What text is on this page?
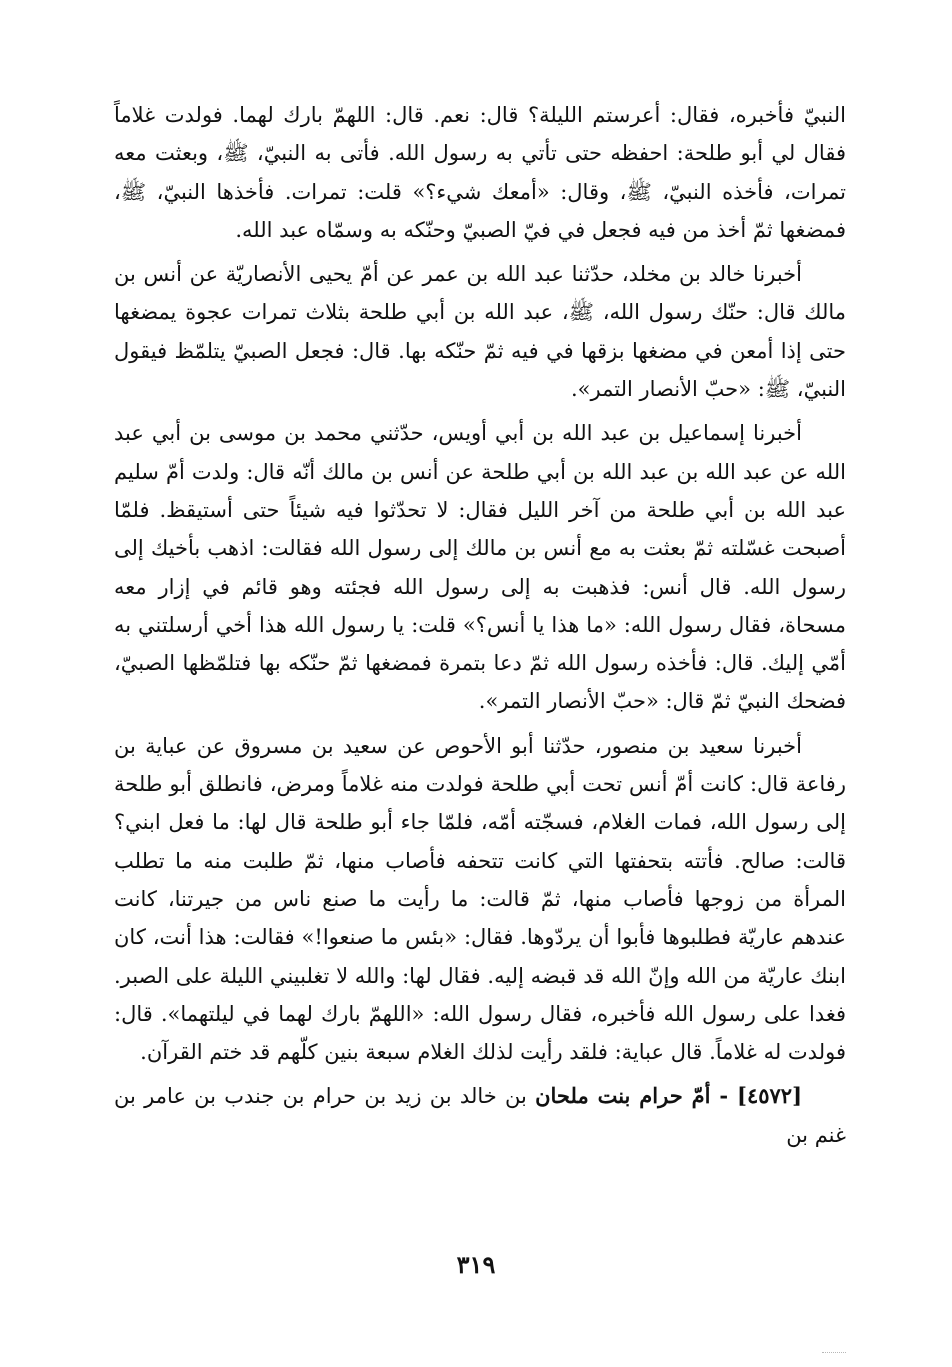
النبيّ فأخبره، فقال: أعرستم الليلة؟ قال: نعم. قال: اللهمّ بارك لهما. فولدت غلاماً فقال لي أبو طلحة: احفظه حتى تأتي به رسول الله. فأتى به النبيّ، ﷺ، وبعثت معه تمرات، فأخذه النبيّ، ﷺ، وقال: «أمعك شيء؟» قلت: تمرات. فأخذها النبيّ، ﷺ، فمضغها ثمّ أخذ من فيه فجعل في فيّ الصبيّ وحنّكه به وسمّاه عبد الله.

أخبرنا خالد بن مخلد، حدّثنا عبد الله بن عمر عن أمّ يحيى الأنصاريّة عن أنس بن مالك قال: حنّك رسول الله، ﷺ، عبد الله بن أبي طلحة بثلاث تمرات عجوة يمضغها حتى إذا أمعن في مضغها بزقها في فيه ثمّ حنّكه بها. قال: فجعل الصبيّ يتلمّظ فيقول النبيّ، ﷺ: «حبّ الأنصار التمر».

أخبرنا إسماعيل بن عبد الله بن أبي أويس، حدّثني محمد بن موسى بن أبي عبد الله عن عبد الله بن عبد الله بن أبي طلحة عن أنس بن مالك أنّه قال: ولدت أمّ سليم عبد الله بن أبي طلحة من آخر الليل فقال: لا تحدّثوا فيه شيئاً حتى أستيقظ. فلمّا أصبحت غسّلته ثمّ بعثت به مع أنس بن مالك إلى رسول الله فقالت: اذهب بأخيك إلى رسول الله. قال أنس: فذهبت به إلى رسول الله فجئته وهو قائم في إزار معه مسحاة، فقال رسول الله: «ما هذا يا أنس؟» قلت: يا رسول الله هذا أخي أرسلتني به أمّي إليك. قال: فأخذه رسول الله ثمّ دعا بتمرة فمضغها ثمّ حنّكه بها فتلمّظها الصبيّ، فضحك النبيّ ثمّ قال: «حبّ الأنصار التمر».

أخبرنا سعيد بن منصور، حدّثنا أبو الأحوص عن سعيد بن مسروق عن عباية بن رفاعة قال: كانت أمّ أنس تحت أبي طلحة فولدت منه غلاماً ومرض، فانطلق أبو طلحة إلى رسول الله، فمات الغلام، فسجّته أمّه، فلمّا جاء أبو طلحة قال لها: ما فعل ابني؟ قالت: صالح. فأتته بتحفتها التي كانت تتحفه فأصاب منها، ثمّ طلبت منه ما تطلب المرأة من زوجها فأصاب منها، ثمّ قالت: ما رأيت ما صنع ناس من جيرتنا، كانت عندهم عاريّة فطلبوها فأبوا أن يردّوها. فقال: «بئس ما صنعوا!» فقالت: هذا أنت، كان ابنك عاريّة من الله وإنّ الله قد قبضه إليه. فقال لها: والله لا تغلبيني الليلة على الصبر. فغدا على رسول الله فأخبره، فقال رسول الله: «اللهمّ بارك لهما في ليلتهما». قال: فولدت له غلاماً. قال عباية: فلقد رأيت لذلك الغلام سبعة بنين كلّهم قد ختم القرآن.

[٤٥٧٢] - أمّ حرام بنت ملحان بن خالد بن زيد بن حرام بن جندب بن عامر بن غنم بن

٣١٩
